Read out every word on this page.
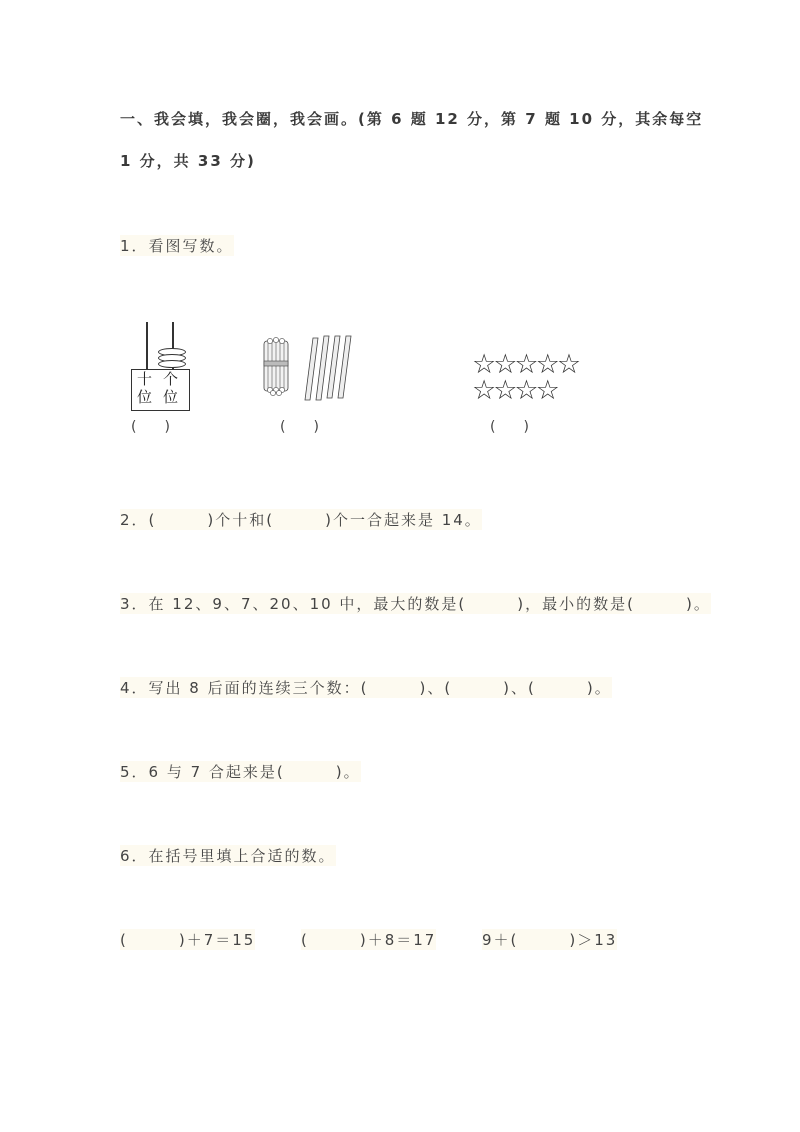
一、我会填，我会圈，我会画。(第 6 题 12 分，第 7 题 10 分，其余每空
1 分，共 33 分)
1．看图写数。
十
位
个
位
(　　)	(　　)
☆☆☆☆☆
☆☆☆☆
(　　)
2．(　　　)个十和(　　　)个一合起来是 14。
3．在 12、9、7、20、10 中，最大的数是(　　　)，最小的数是(　　　)。
4．写出 8 后面的连续三个数：(　　　)、(　　　)、(　　　)。
5．6 与 7 合起来是(　　　)。
6．在括号里填上合适的数。
(　　　)＋7＝15	(　　　)＋8＝17	9＋(　　　)＞13
